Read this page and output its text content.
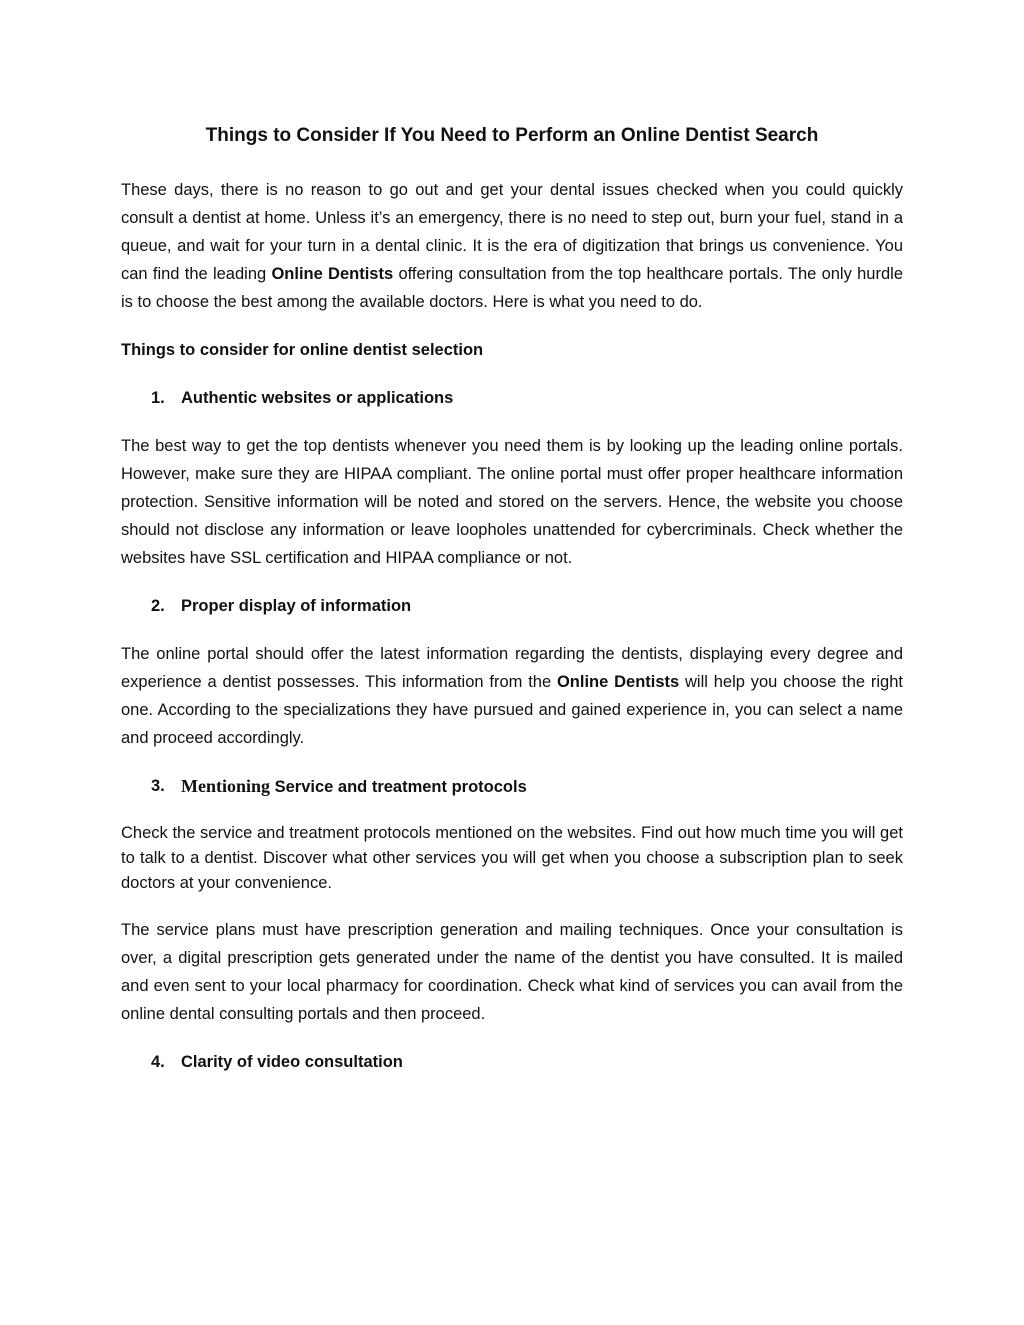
Things to Consider If You Need to Perform an Online Dentist Search

These days, there is no reason to go out and get your dental issues checked when you could quickly consult a dentist at home. Unless it’s an emergency, there is no need to step out, burn your fuel, stand in a queue, and wait for your turn in a dental clinic. It is the era of digitization that brings us convenience. You can find the leading Online Dentists offering consultation from the top healthcare portals. The only hurdle is to choose the best among the available doctors. Here is what you need to do.

Things to consider for online dentist selection
1. Authentic websites or applications

The best way to get the top dentists whenever you need them is by looking up the leading online portals. However, make sure they are HIPAA compliant. The online portal must offer proper healthcare information protection. Sensitive information will be noted and stored on the servers. Hence, the website you choose should not disclose any information or leave loopholes unattended for cybercriminals. Check whether the websites have SSL certification and HIPAA compliance or not.

2. Proper display of information

The online portal should offer the latest information regarding the dentists, displaying every degree and experience a dentist possesses. This information from the Online Dentists will help you choose the right one. According to the specializations they have pursued and gained experience in, you can select a name and proceed accordingly.

3. Mentioning Service and treatment protocols

Check the service and treatment protocols mentioned on the websites. Find out how much time you will get to talk to a dentist. Discover what other services you will get when you choose a subscription plan to seek doctors at your convenience.

The service plans must have prescription generation and mailing techniques. Once your consultation is over, a digital prescription gets generated under the name of the dentist you have consulted. It is mailed and even sent to your local pharmacy for coordination. Check what kind of services you can avail from the online dental consulting portals and then proceed.

4. Clarity of video consultation
